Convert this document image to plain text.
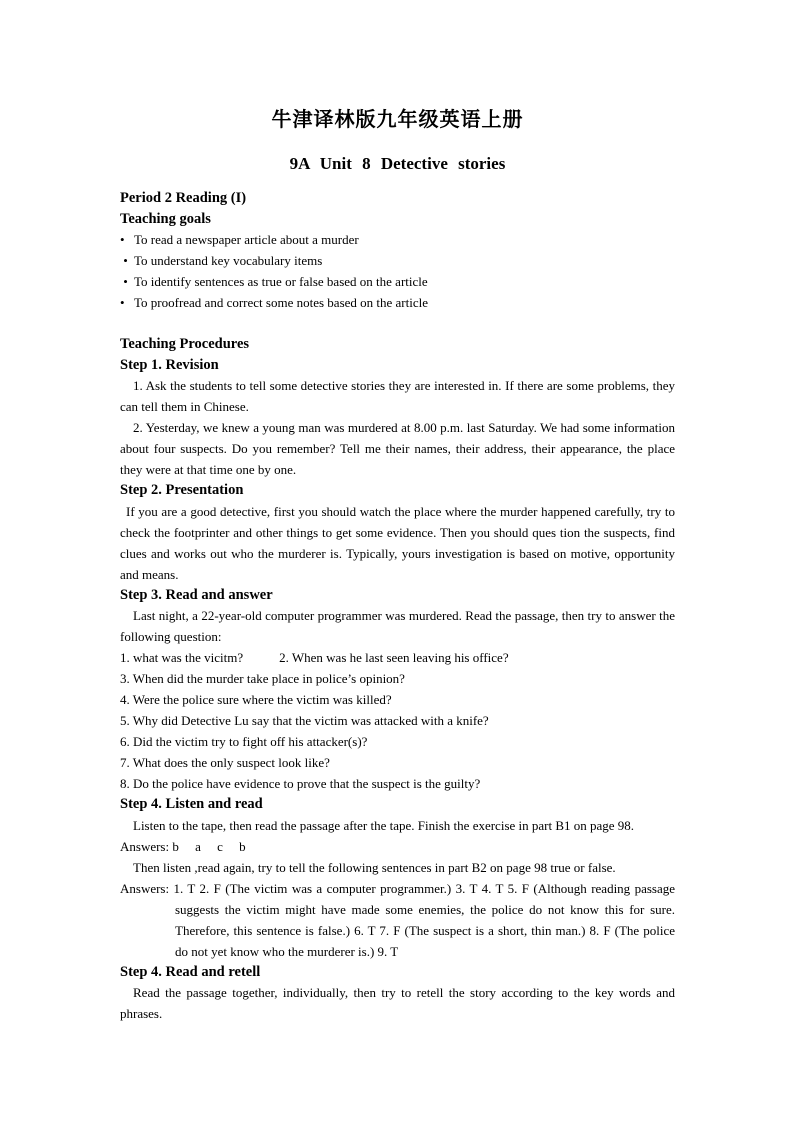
牛津译林版九年级英语上册

9A Unit 8 Detective stories

Period 2 Reading (I)

Teaching goals

• To read a newspaper article about a murder
• To understand key vocabulary items
• To identify sentences as true or false based on the article
• To proofread and correct some notes based on the article

Teaching Procedures

Step 1. Revision

1. Ask the students to tell some detective stories they are interested in. If there are some problems, they can tell them in Chinese.

2. Yesterday, we knew a young man was murdered at 8.00 p.m. last Saturday. We had some information about four suspects. Do you remember? Tell me their names, their address, their appearance, the place they were at that time one by one.

Step 2. Presentation

If you are a good detective, first you should watch the place where the murder happened carefully, try to check the footprinter and other things to get some evidence. Then you should ques tion the suspects, find clues and works out who the murderer is. Typically, yours investigation is based on motive, opportunity and means.

Step 3. Read and answer

Last night, a 22-year-old computer programmer was murdered. Read the passage, then try to answer the following question:

1. what was the vicitm?	2. When was he last seen leaving his office?

3. When did the murder take place in police’s opinion?

4. Were the police sure where the victim was killed?

5. Why did Detective Lu say that the victim was attacked with a knife?

6. Did the victim try to fight off his attacker(s)?

7. What does the only suspect look like?

8. Do the police have evidence to prove that the suspect is the guilty?

Step 4. Listen and read

Listen to the tape, then read the passage after the tape. Finish the exercise in part B1 on page 98.

Answers: b     a     c     b

Then listen ,read again, try to tell the following sentences in part B2 on page 98 true or false.

Answers: 1. T 2. F (The victim was a computer programmer.) 3. T 4. T 5. F (Although reading passage suggests the victim might have made some enemies, the police do not know this for sure. Therefore, this sentence is false.) 6. T 7. F (The suspect is a short, thin man.) 8. F (The police do not yet know who the murderer is.) 9. T

Step 4. Read and retell

Read the passage together, individually, then try to retell the story according to the key words and phrases.
